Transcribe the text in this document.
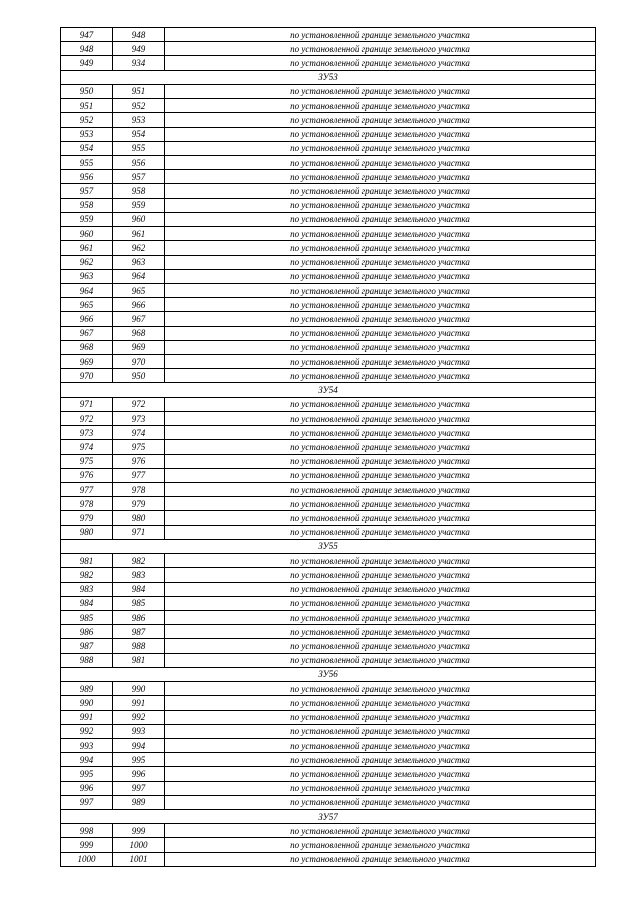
947	948	по установленной границе земельного участка
948	949	по установленной границе земельного участка
949	934	по установленной границе земельного участка
ЗУ53		
950	951	по установленной границе земельного участка
951	952	по установленной границе земельного участка
952	953	по установленной границе земельного участка
953	954	по установленной границе земельного участка
954	955	по установленной границе земельного участка
955	956	по установленной границе земельного участка
956	957	по установленной границе земельного участка
957	958	по установленной границе земельного участка
958	959	по установленной границе земельного участка
959	960	по установленной границе земельного участка
960	961	по установленной границе земельного участка
961	962	по установленной границе земельного участка
962	963	по установленной границе земельного участка
963	964	по установленной границе земельного участка
964	965	по установленной границе земельного участка
965	966	по установленной границе земельного участка
966	967	по установленной границе земельного участка
967	968	по установленной границе земельного участка
968	969	по установленной границе земельного участка
969	970	по установленной границе земельного участка
970	950	по установленной границе земельного участка
ЗУ54		
971	972	по установленной границе земельного участка
972	973	по установленной границе земельного участка
973	974	по установленной границе земельного участка
974	975	по установленной границе земельного участка
975	976	по установленной границе земельного участка
976	977	по установленной границе земельного участка
977	978	по установленной границе земельного участка
978	979	по установленной границе земельного участка
979	980	по установленной границе земельного участка
980	971	по установленной границе земельного участка
ЗУ55		
981	982	по установленной границе земельного участка
982	983	по установленной границе земельного участка
983	984	по установленной границе земельного участка
984	985	по установленной границе земельного участка
985	986	по установленной границе земельного участка
986	987	по установленной границе земельного участка
987	988	по установленной границе земельного участка
988	981	по установленной границе земельного участка
ЗУ56		
989	990	по установленной границе земельного участка
990	991	по установленной границе земельного участка
991	992	по установленной границе земельного участка
992	993	по установленной границе земельного участка
993	994	по установленной границе земельного участка
994	995	по установленной границе земельного участка
995	996	по установленной границе земельного участка
996	997	по установленной границе земельного участка
997	989	по установленной границе земельного участка
ЗУ57		
998	999	по установленной границе земельного участка
999	1000	по установленной границе земельного участка
1000	1001	по установленной границе земельного участка
